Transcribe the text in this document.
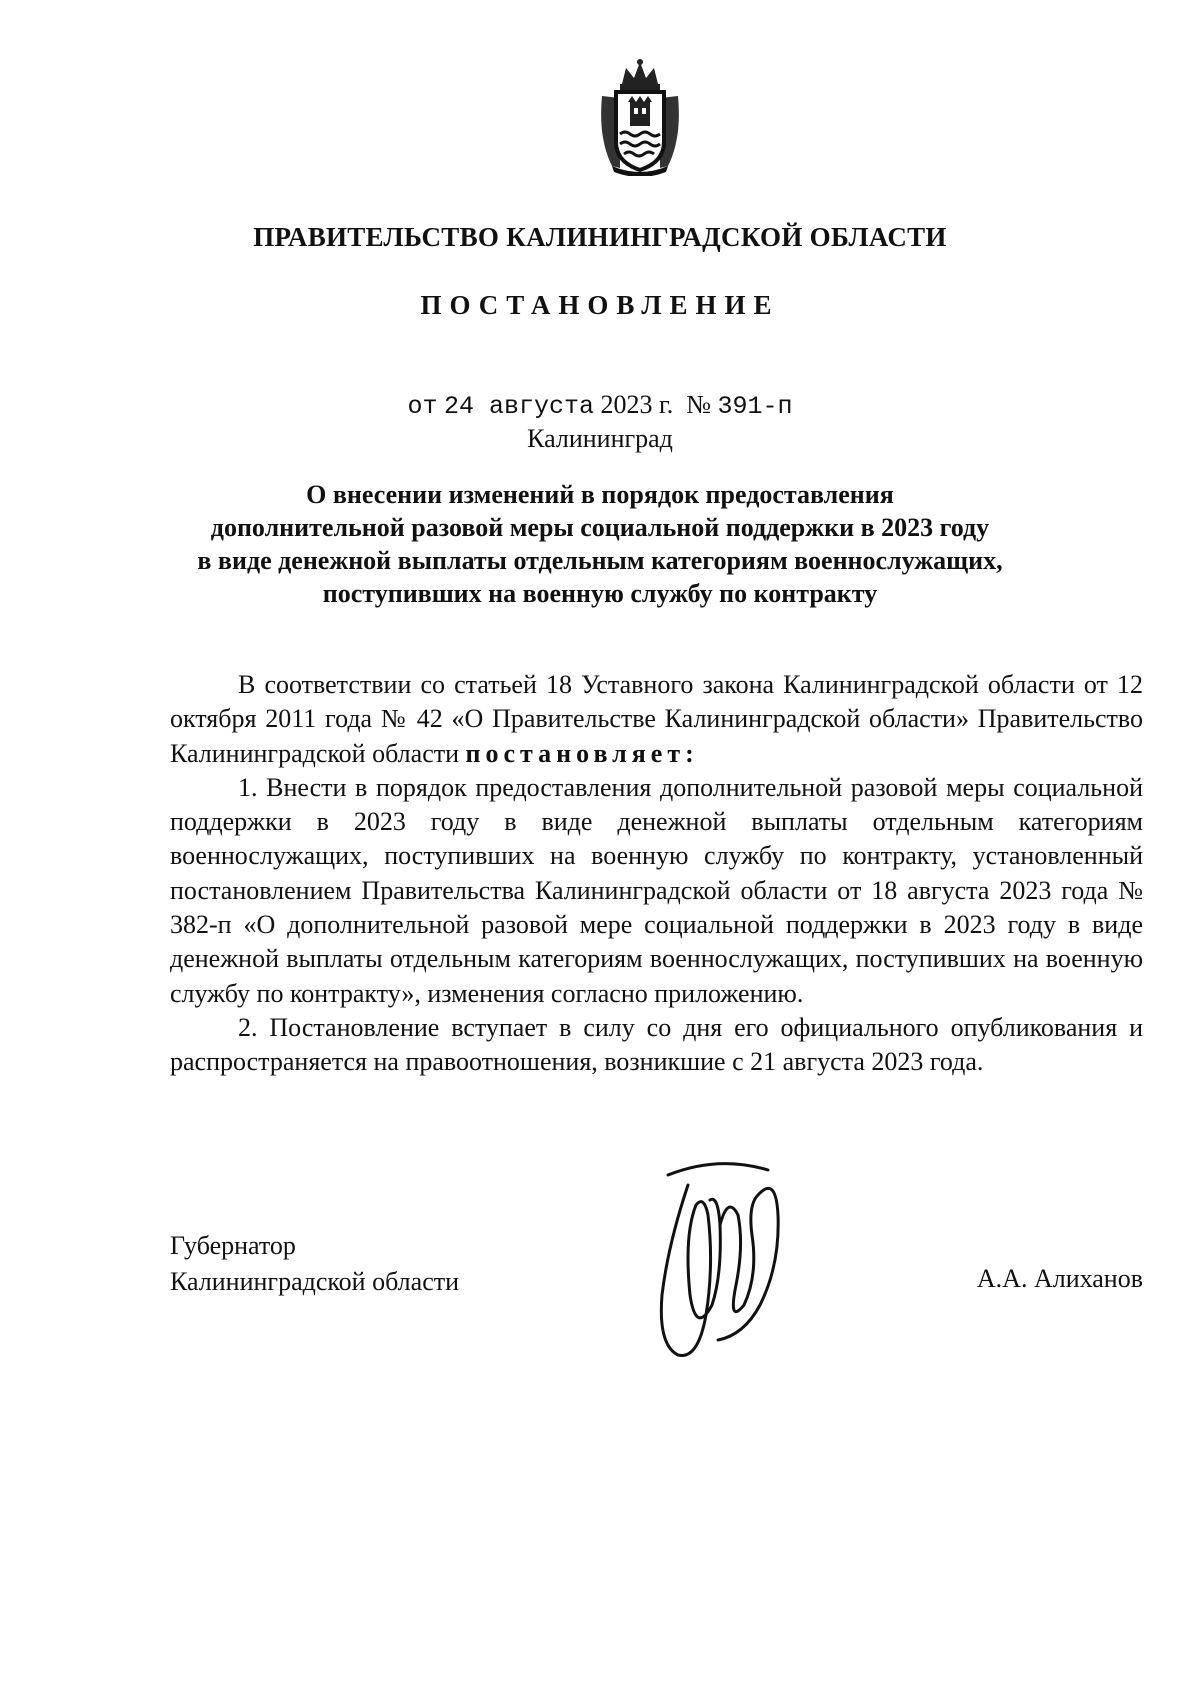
ПРАВИТЕЛЬСТВО КАЛИНИНГРАДСКОЙ ОБЛАСТИ
ПОСТАНОВЛЕНИЕ
от 24 августа 2023 г. № 391-п
Калининград
О внесении изменений в порядок предоставления
дополнительной разовой меры социальной поддержки в 2023 году
в виде денежной выплаты отдельным категориям военнослужащих,
поступивших на военную службу по контракту

В соответствии со статьей 18 Уставного закона Калининградской области от 12 октября 2011 года № 42 «О Правительстве Калининградской области» Правительство Калининградской области постановляет:

1. Внести в порядок предоставления дополнительной разовой меры социальной поддержки в 2023 году в виде денежной выплаты отдельным категориям военнослужащих, поступивших на военную службу по контракту, установленный постановлением Правительства Калининградской области от 18 августа 2023 года № 382-п «О дополнительной разовой мере социальной поддержки в 2023 году в виде денежной выплаты отдельным категориям военнослужащих, поступивших на военную службу по контракту», изменения согласно приложению.

2. Постановление вступает в силу со дня его официального опубликования и распространяется на правоотношения, возникшие с 21 августа 2023 года.

Губернатор
Калининградской области	А.А. Алиханов
